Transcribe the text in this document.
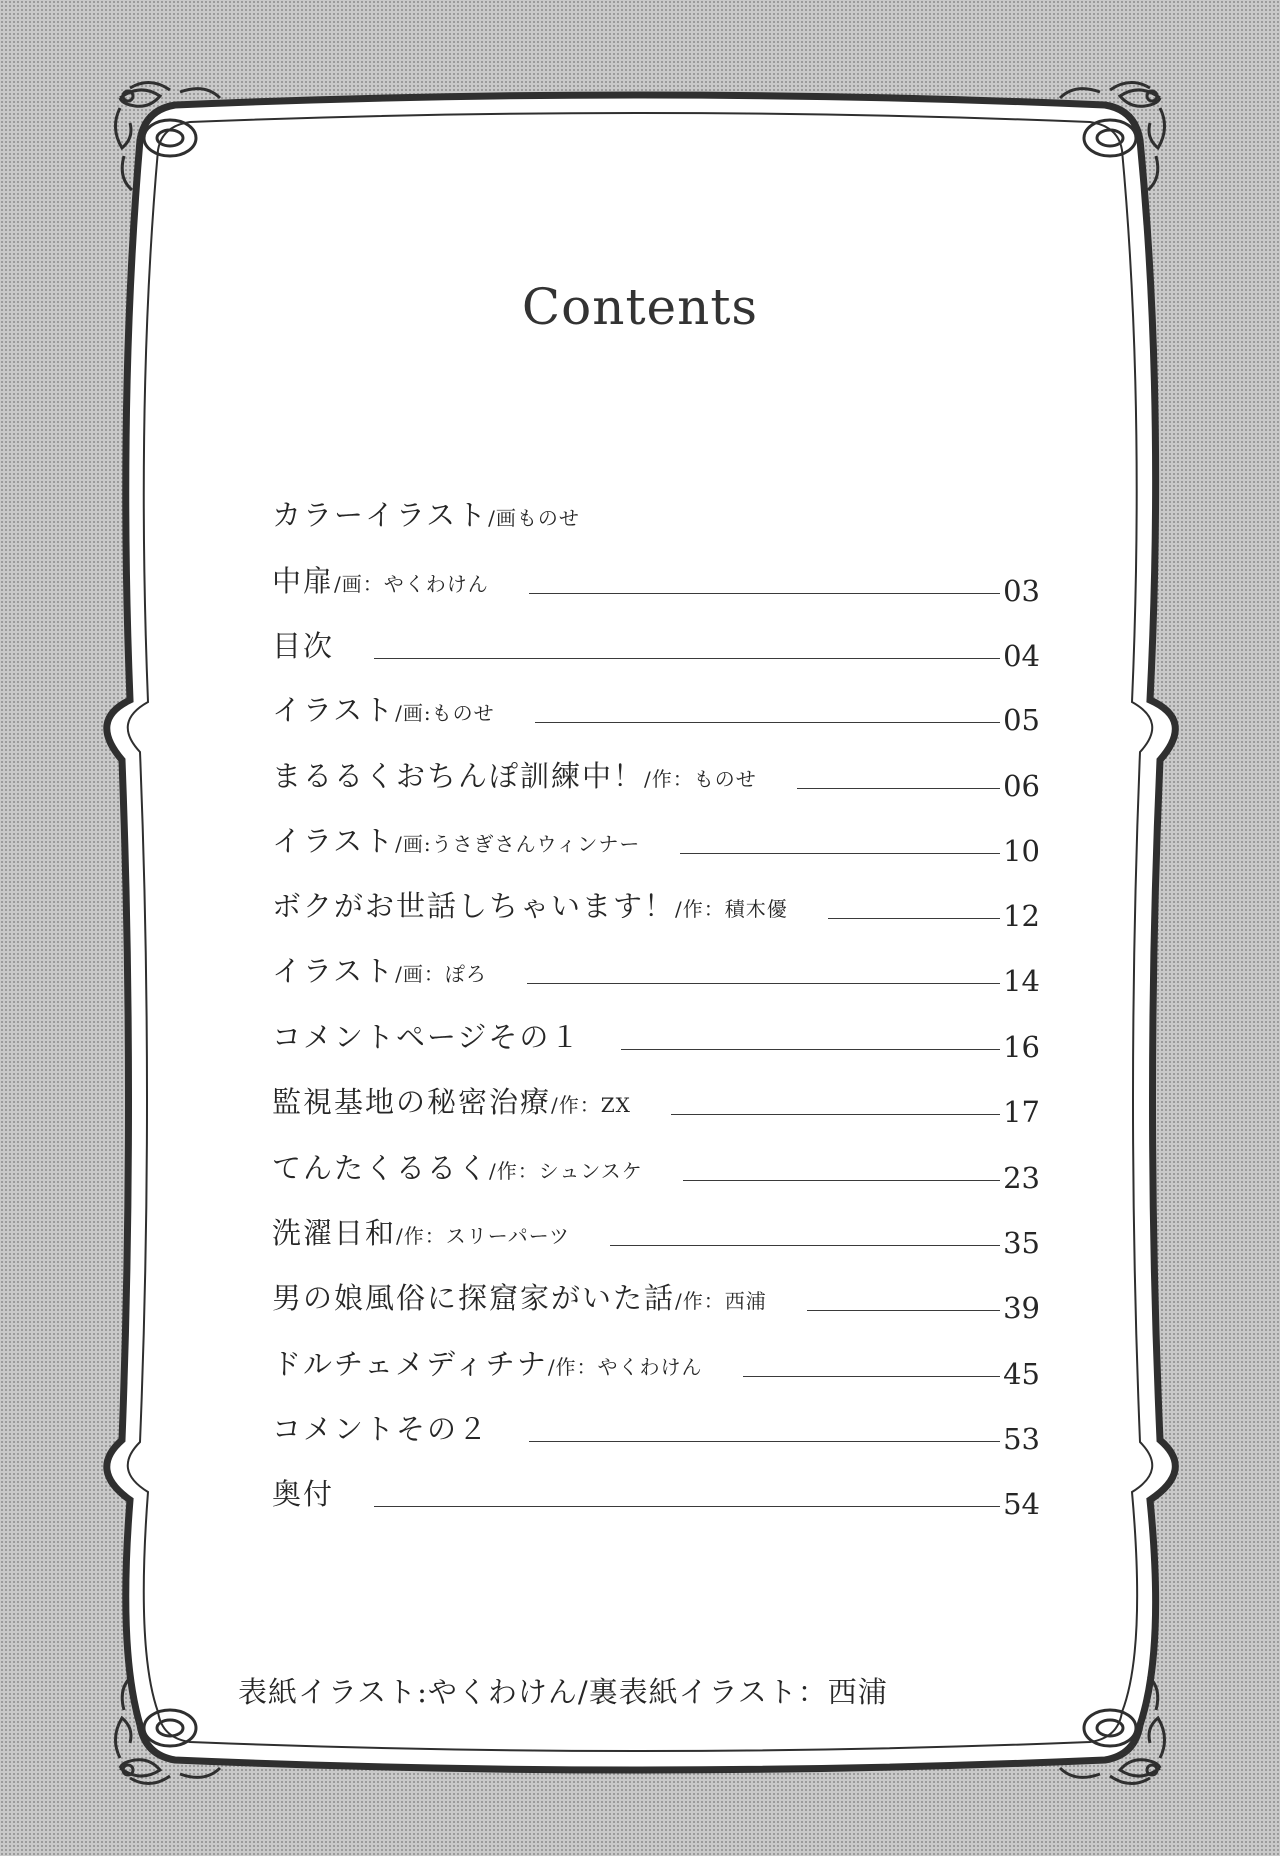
Contents
カラーイラスト/画ものせ
中扉/画：やくわけん	03
目次	04
イラスト/画:ものせ	05
まるるくおちんぽ訓練中！/作：ものせ	06
イラスト/画:うさぎさんウィンナー	10
ボクがお世話しちゃいます！/作：積木優	12
イラスト/画：ぽろ	14
コメントページその１	16
監視基地の秘密治療/作：ZX	17
てんたくるるく/作：シュンスケ	23
洗濯日和/作：スリーパーツ	35
男の娘風俗に探窟家がいた話/作：西浦	39
ドルチェメディチナ/作：やくわけん	45
コメントその２	53
奥付	54
表紙イラスト:やくわけん/裏表紙イラスト：西浦
